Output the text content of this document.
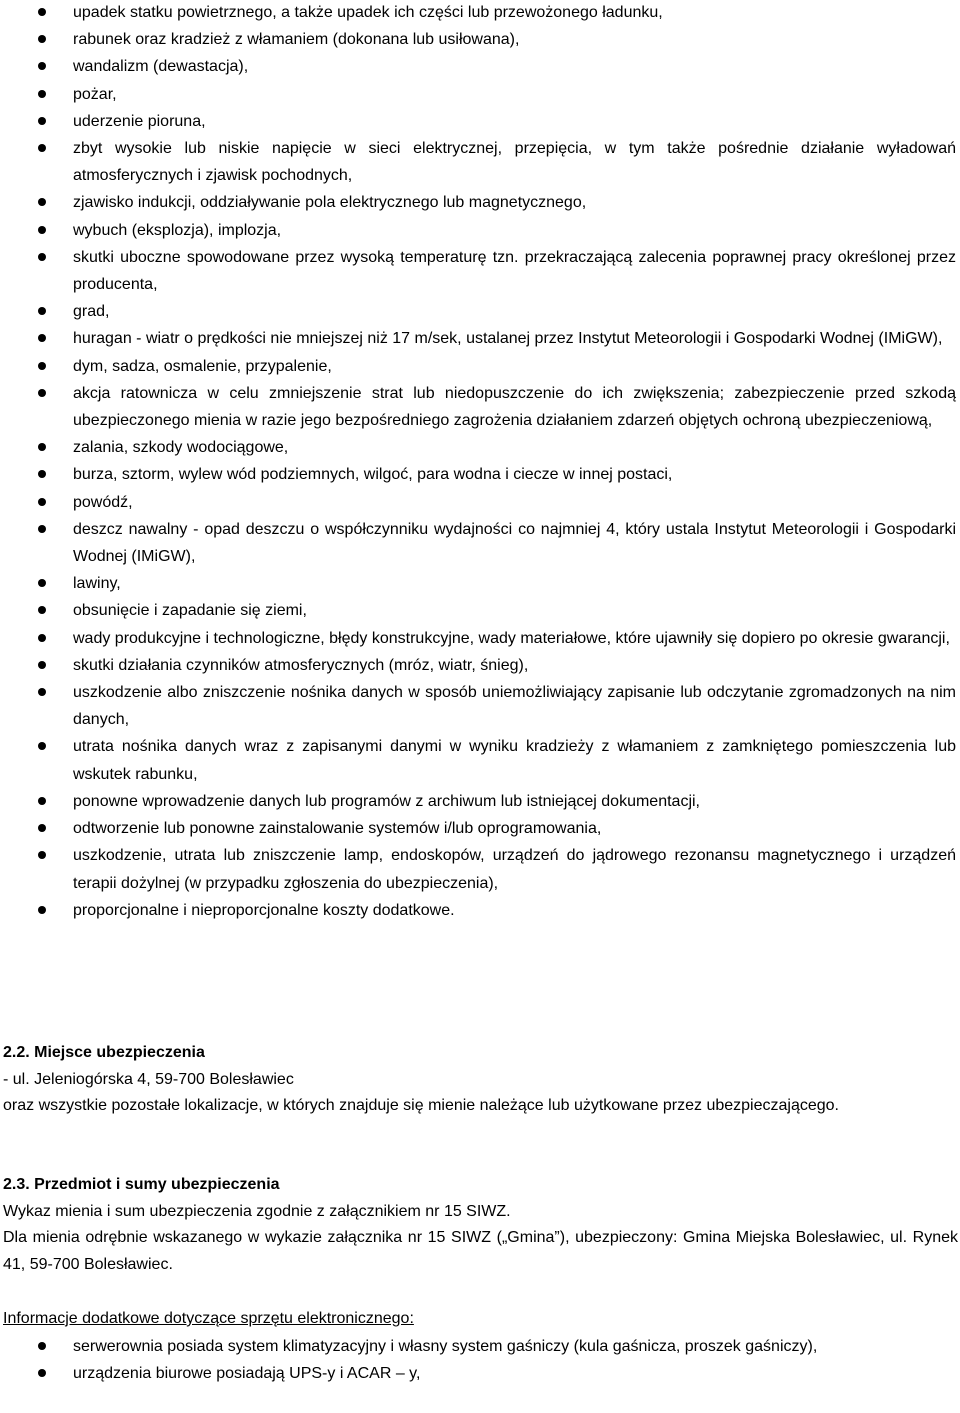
upadek statku powietrznego, a także upadek ich części lub przewożonego ładunku,
rabunek oraz kradzież z włamaniem (dokonana lub usiłowana),
wandalizm (dewastacja),
pożar,
uderzenie pioruna,
zbyt wysokie lub niskie napięcie w sieci elektrycznej, przepięcia, w tym także pośrednie działanie wyładowań atmosferycznych i zjawisk pochodnych,
zjawisko indukcji, oddziaływanie pola elektrycznego lub magnetycznego,
wybuch (eksplozja), implozja,
skutki uboczne spowodowane przez wysoką temperaturę tzn. przekraczającą zalecenia poprawnej pracy określonej przez producenta,
grad,
huragan - wiatr o prędkości nie mniejszej niż 17 m/sek, ustalanej przez Instytut Meteorologii i Gospodarki Wodnej (IMiGW),
dym, sadza, osmalenie, przypalenie,
akcja ratownicza w celu zmniejszenie strat lub niedopuszczenie do ich zwiększenia; zabezpieczenie przed szkodą ubezpieczonego mienia w razie jego bezpośredniego zagrożenia działaniem zdarzeń objętych ochroną ubezpieczeniową,
zalania, szkody wodociągowe,
burza, sztorm, wylew wód podziemnych, wilgoć, para wodna i ciecze w innej postaci,
powódź,
deszcz nawalny - opad deszczu o współczynniku wydajności co najmniej 4, który ustala Instytut Meteorologii i Gospodarki Wodnej (IMiGW),
lawiny,
obsunięcie i zapadanie się ziemi,
wady produkcyjne i technologiczne, błędy konstrukcyjne, wady materiałowe, które ujawniły się dopiero po okresie gwarancji,
skutki działania czynników atmosferycznych (mróz, wiatr, śnieg),
uszkodzenie albo zniszczenie nośnika danych w sposób uniemożliwiający zapisanie lub odczytanie zgromadzonych na nim danych,
utrata nośnika danych wraz z zapisanymi danymi w wyniku kradzieży z włamaniem z zamkniętego pomieszczenia lub wskutek rabunku,
ponowne wprowadzenie danych lub programów z archiwum lub istniejącej dokumentacji,
odtworzenie lub ponowne zainstalowanie systemów i/lub oprogramowania,
uszkodzenie, utrata lub zniszczenie lamp, endoskopów, urządzeń do jądrowego rezonansu magnetycznego i urządzeń terapii dożylnej (w przypadku zgłoszenia do ubezpieczenia),
proporcjonalne i nieproporcjonalne koszty dodatkowe.
2.2. Miejsce ubezpieczenia
- ul. Jeleniogórska 4, 59-700 Bolesławiec
oraz wszystkie pozostałe lokalizacje, w których znajduje się mienie należące lub użytkowane przez ubezpieczającego.
2.3. Przedmiot i sumy ubezpieczenia
Wykaz mienia i sum ubezpieczenia zgodnie z załącznikiem nr 15 SIWZ.
Dla mienia odrębnie wskazanego w wykazie załącznika nr 15 SIWZ („Gmina”), ubezpieczony: Gmina Miejska Bolesławiec, ul. Rynek 41, 59-700 Bolesławiec.
Informacje dodatkowe dotyczące sprzętu elektronicznego:
serwerownia posiada system klimatyzacyjny i własny system gaśniczy (kula gaśnicza, proszek gaśniczy),
urządzenia biurowe posiadają UPS-y i ACAR – y,
